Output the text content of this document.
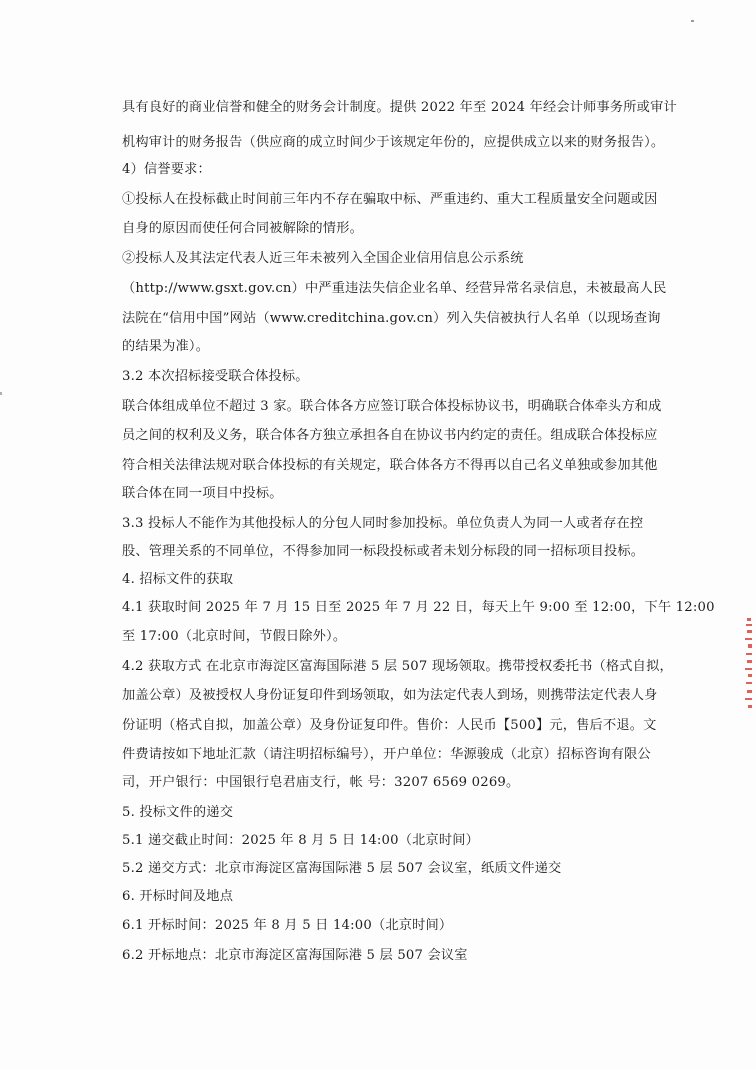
具有良好的商业信誉和健全的财务会计制度。提供 2022 年至 2024 年经会计师事务所或审计
机构审计的财务报告（供应商的成立时间少于该规定年份的，应提供成立以来的财务报告）。
4）信誉要求：
①投标人在投标截止时间前三年内不存在骗取中标、严重违约、重大工程质量安全问题或因
自身的原因而使任何合同被解除的情形。
②投标人及其法定代表人近三年未被列入全国企业信用信息公示系统
（http://www.gsxt.gov.cn）中严重违法失信企业名单、经营异常名录信息，未被最高人民
法院在“信用中国”网站（www.creditchina.gov.cn）列入失信被执行人名单（以现场查询
的结果为准）。
3.2 本次招标接受联合体投标。
联合体组成单位不超过 3 家。联合体各方应签订联合体投标协议书，明确联合体牵头方和成
员之间的权利及义务，联合体各方独立承担各自在协议书内约定的责任。组成联合体投标应
符合相关法律法规对联合体投标的有关规定，联合体各方不得再以自己名义单独或参加其他
联合体在同一项目中投标。
3.3 投标人不能作为其他投标人的分包人同时参加投标。单位负责人为同一人或者存在控
股、管理关系的不同单位，不得参加同一标段投标或者未划分标段的同一招标项目投标。
4. 招标文件的获取
4.1 获取时间 2025 年 7 月 15 日至 2025 年 7 月 22 日，每天上午 9:00 至 12:00，下午 12:00
至 17:00（北京时间，节假日除外）。
4.2 获取方式 在北京市海淀区富海国际港 5 层 507 现场领取。携带授权委托书（格式自拟，
加盖公章）及被授权人身份证复印件到场领取，如为法定代表人到场，则携带法定代表人身
份证明（格式自拟，加盖公章）及身份证复印件。售价：人民币【500】元，售后不退。文
件费请按如下地址汇款（请注明招标编号），开户单位：华源骏成（北京）招标咨询有限公
司，开户银行：中国银行皂君庙支行，帐 号：3207 6569 0269。
5. 投标文件的递交
5.1 递交截止时间：2025 年 8 月 5 日 14:00（北京时间）
5.2 递交方式：北京市海淀区富海国际港 5 层 507 会议室，纸质文件递交
6. 开标时间及地点
6.1 开标时间：2025 年 8 月 5 日 14:00（北京时间）
6.2 开标地点：北京市海淀区富海国际港 5 层 507 会议室
